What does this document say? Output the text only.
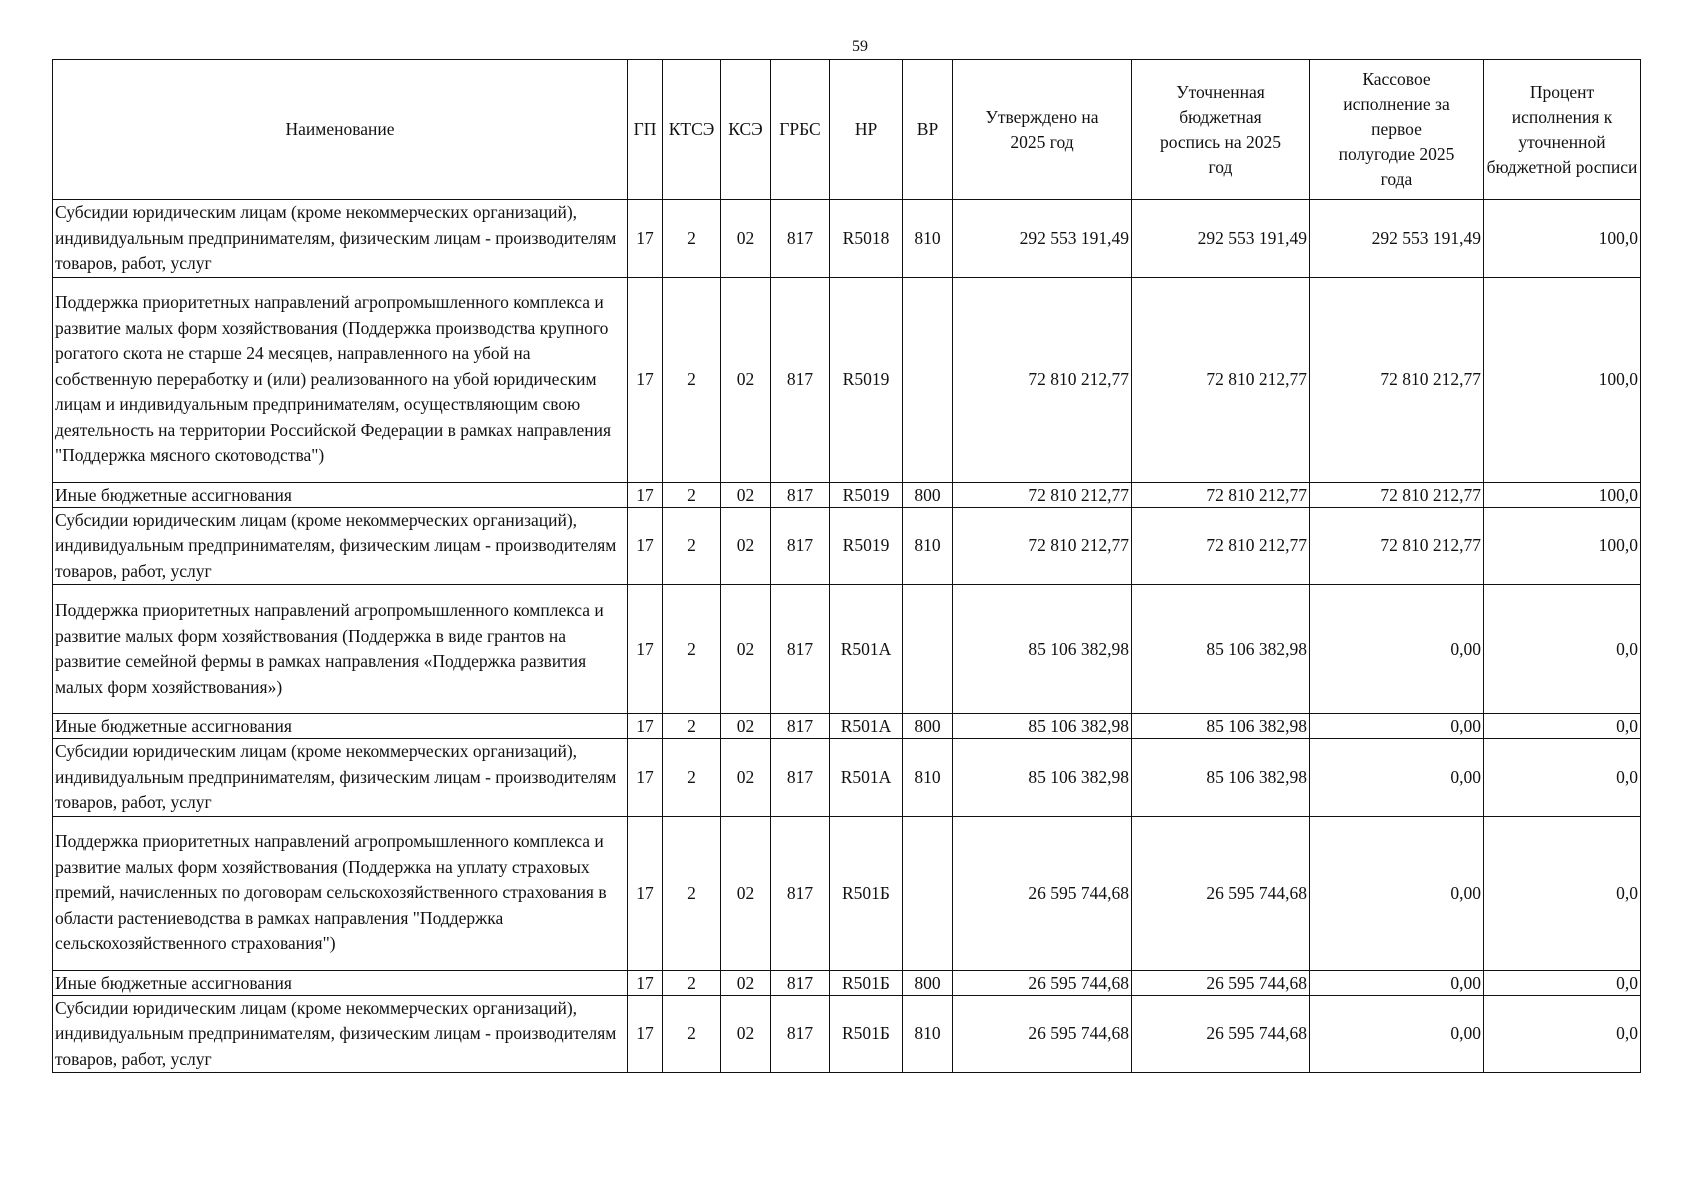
59
Наименование	ГП	КТСЭ	КСЭ	ГРБС	НР	ВР	Утверждено на 2025 год	Уточненная бюджетная роспись на 2025 год	Кассовое исполнение за первое полугодие 2025 года	Процент исполнения к уточненной бюджетной росписи
Субсидии юридическим лицам (кроме некоммерческих организаций), индивидуальным предпринимателям, физическим лицам - производителям товаров, работ, услуг	17	2	02	817	R5018	810	292 553 191,49	292 553 191,49	292 553 191,49	100,0
Поддержка приоритетных направлений агропромышленного комплекса и развитие малых форм хозяйствования (Поддержка производства крупного рогатого скота не старше 24 месяцев, направленного на убой на собственную переработку и (или) реализованного на убой юридическим лицам и индивидуальным предпринимателям, осуществляющим свою деятельность на территории Российской Федерации в рамках направления "Поддержка мясного скотоводства")	17	2	02	817	R5019		72 810 212,77	72 810 212,77	72 810 212,77	100,0
Иные бюджетные ассигнования	17	2	02	817	R5019	800	72 810 212,77	72 810 212,77	72 810 212,77	100,0
Субсидии юридическим лицам (кроме некоммерческих организаций), индивидуальным предпринимателям, физическим лицам - производителям товаров, работ, услуг	17	2	02	817	R5019	810	72 810 212,77	72 810 212,77	72 810 212,77	100,0
Поддержка приоритетных направлений агропромышленного комплекса и развитие малых форм хозяйствования (Поддержка в виде грантов на развитие семейной фермы в рамках направления «Поддержка развития малых форм хозяйствования»)	17	2	02	817	R501А		85 106 382,98	85 106 382,98	0,00	0,0
Иные бюджетные ассигнования	17	2	02	817	R501А	800	85 106 382,98	85 106 382,98	0,00	0,0
Субсидии юридическим лицам (кроме некоммерческих организаций), индивидуальным предпринимателям, физическим лицам - производителям товаров, работ, услуг	17	2	02	817	R501А	810	85 106 382,98	85 106 382,98	0,00	0,0
Поддержка приоритетных направлений агропромышленного комплекса и развитие малых форм хозяйствования (Поддержка на уплату страховых премий, начисленных по договорам сельскохозяйственного страхования в области растениеводства в рамках направления "Поддержка сельскохозяйственного страхования")	17	2	02	817	R501Б		26 595 744,68	26 595 744,68	0,00	0,0
Иные бюджетные ассигнования	17	2	02	817	R501Б	800	26 595 744,68	26 595 744,68	0,00	0,0
Субсидии юридическим лицам (кроме некоммерческих организаций), индивидуальным предпринимателям, физическим лицам - производителям товаров, работ, услуг	17	2	02	817	R501Б	810	26 595 744,68	26 595 744,68	0,00	0,0
